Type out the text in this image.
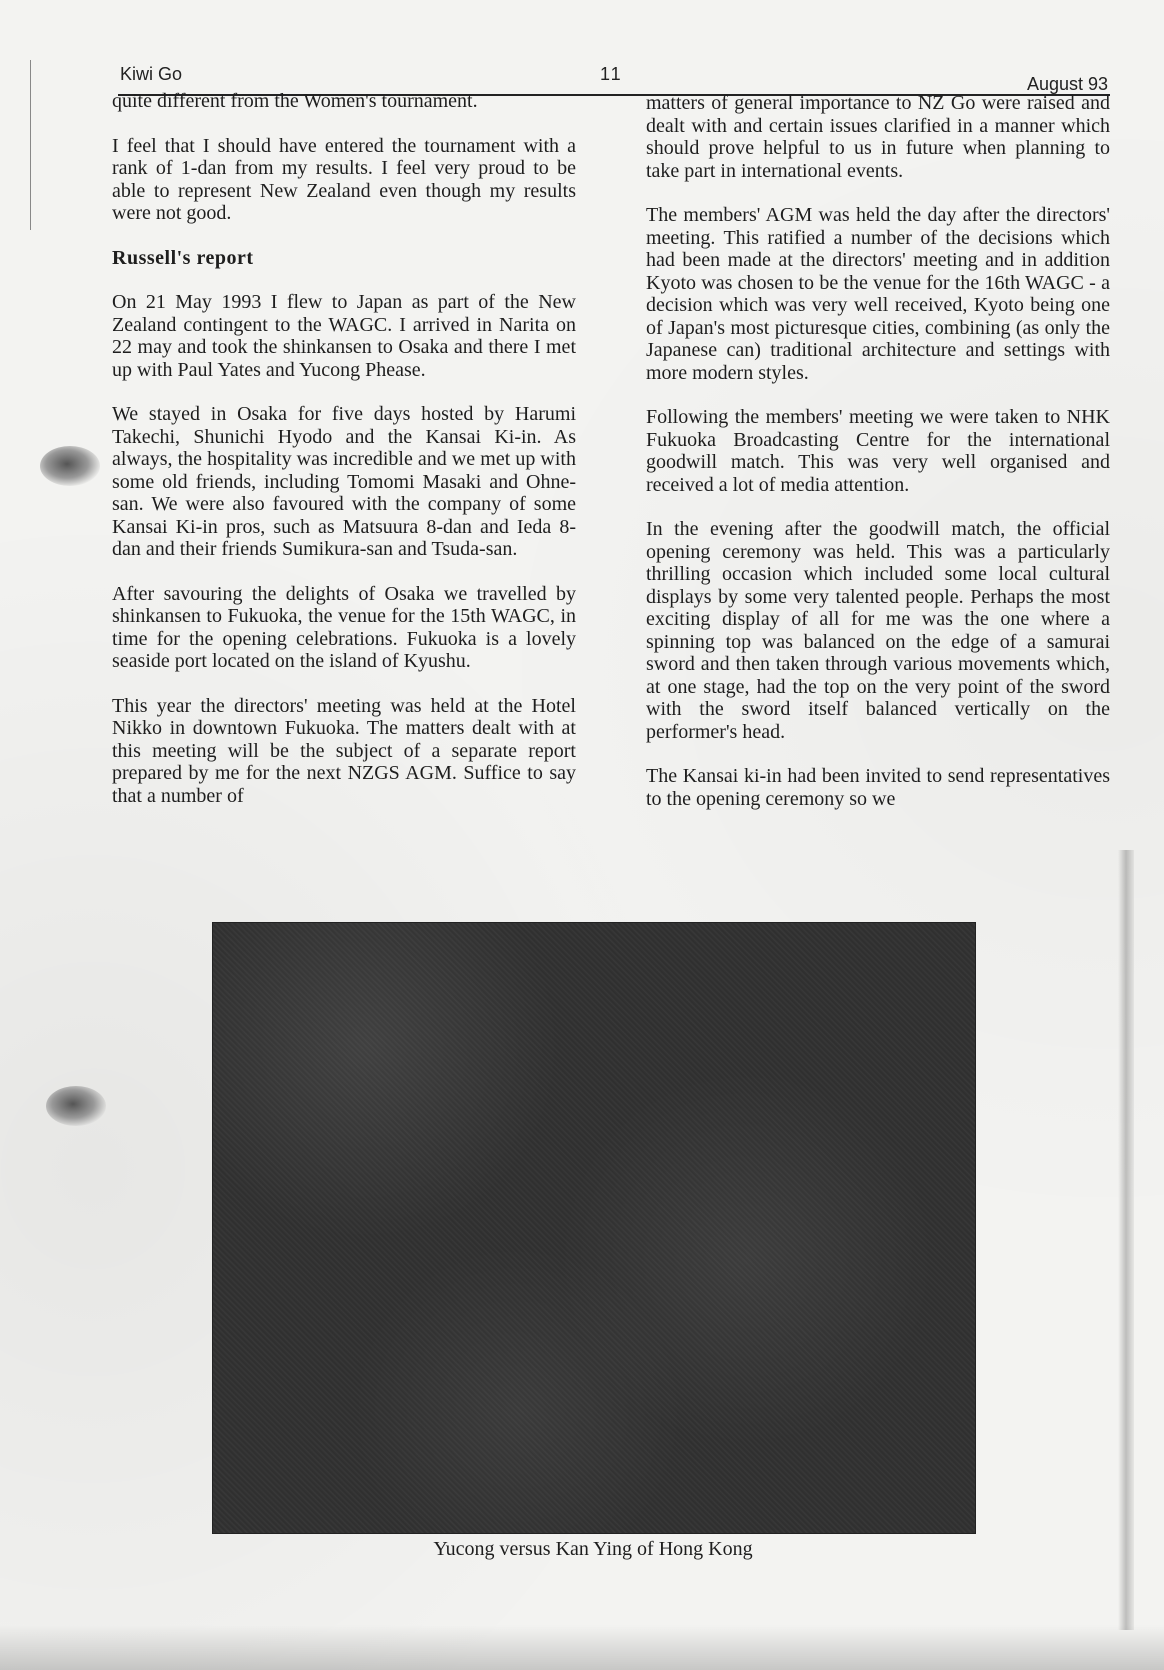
Kiwi Go	11	August 93

quite different from the Women's tournament.

I feel that I should have entered the tournament with a rank of 1-dan from my results. I feel very proud to be able to represent New Zealand even though my results were not good.

Russell's report

On 21 May 1993 I flew to Japan as part of the New Zealand contingent to the WAGC. I arrived in Narita on 22 may and took the shinkansen to Osaka and there I met up with Paul Yates and Yucong Phease.

We stayed in Osaka for five days hosted by Harumi Takechi, Shunichi Hyodo and the Kansai Ki-in. As always, the hospitality was incredible and we met up with some old friends, including Tomomi Masaki and Ohne-san. We were also favoured with the company of some Kansai Ki-in pros, such as Matsuura 8-dan and Ieda 8-dan and their friends Sumikura-san and Tsuda-san.

After savouring the delights of Osaka we travelled by shinkansen to Fukuoka, the venue for the 15th WAGC, in time for the opening celebrations. Fukuoka is a lovely seaside port located on the island of Kyushu.

This year the directors' meeting was held at the Hotel Nikko in downtown Fukuoka. The matters dealt with at this meeting will be the subject of a separate report prepared by me for the next NZGS AGM. Suffice to say that a number of

matters of general importance to NZ Go were raised and dealt with and certain issues clarified in a manner which should prove helpful to us in future when planning to take part in international events.

The members' AGM was held the day after the directors' meeting. This ratified a number of the decisions which had been made at the directors' meeting and in addition Kyoto was chosen to be the venue for the 16th WAGC - a decision which was very well received, Kyoto being one of Japan's most picturesque cities, combining (as only the Japanese can) traditional architecture and settings with more modern styles.

Following the members' meeting we were taken to NHK Fukuoka Broadcasting Centre for the international goodwill match. This was very well organised and received a lot of media attention.

In the evening after the goodwill match, the official opening ceremony was held. This was a particularly thrilling occasion which included some local cultural displays by some very talented people. Perhaps the most exciting display of all for me was the one where a spinning top was balanced on the edge of a samurai sword and then taken through various movements which, at one stage, had the top on the very point of the sword with the sword itself balanced vertically on the performer's head.

The Kansai ki-in had been invited to send representatives to the opening ceremony so we

Yucong versus Kan Ying of Hong Kong
